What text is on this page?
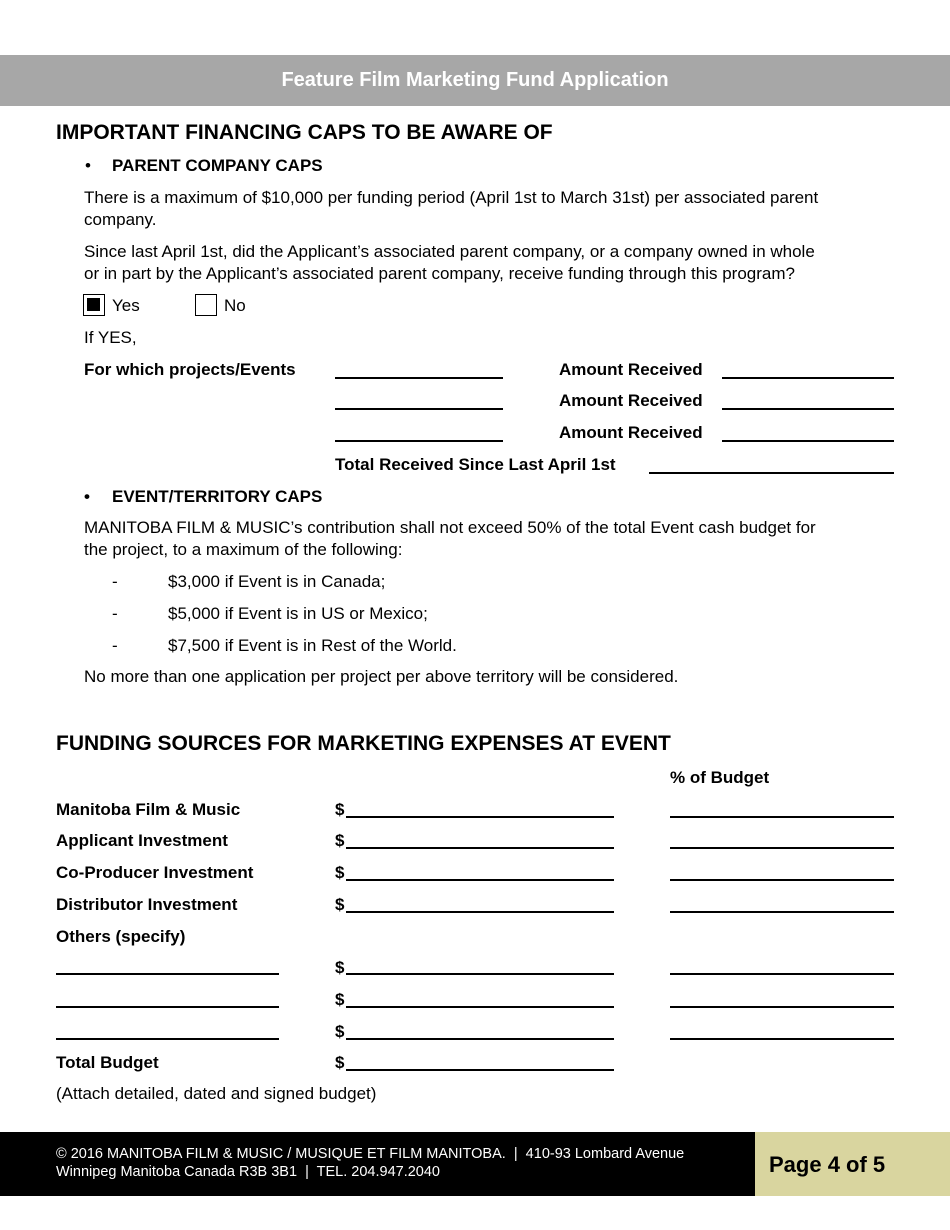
Feature Film Marketing Fund Application
IMPORTANT FINANCING CAPS TO BE AWARE OF
• PARENT COMPANY CAPS
There is a maximum of $10,000 per funding period (April 1st to March 31st) per associated parent
company.
Since last April 1st, did the Applicant’s associated parent company, or a company owned in whole
or in part by the Applicant’s associated parent company, receive funding through this program?
Yes	No
If YES,
For which projects/Events	Amount Received
Amount Received
Amount Received
Total Received Since Last April 1st
• EVENT/TERRITORY CAPS
MANITOBA FILM & MUSIC’s contribution shall not exceed 50% of the total Event cash budget for
the project, to a maximum of the following:
-	$3,000 if Event is in Canada;
-	$5,000 if Event is in US or Mexico;
-	$7,500 if Event is in Rest of the World.
No more than one application per project per above territory will be considered.
FUNDING SOURCES FOR MARKETING EXPENSES AT EVENT
% of Budget
Manitoba Film & Music	$
Applicant Investment	$
Co-Producer Investment	$
Distributor Investment	$
Others (specify)
$
$
$
Total Budget	$
(Attach detailed, dated and signed budget)
© 2016 MANITOBA FILM & MUSIC / MUSIQUE ET FILM MANITOBA.  |  410-93 Lombard Avenue
Winnipeg Manitoba Canada R3B 3B1  |  TEL. 204.947.2040	Page 4 of 5
